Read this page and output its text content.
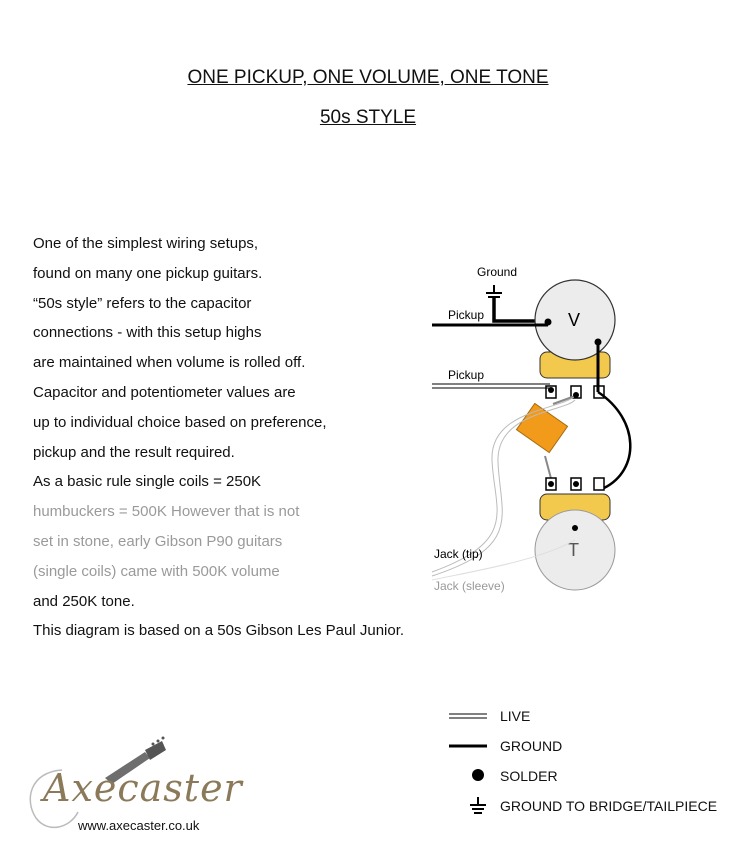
ONE PICKUP, ONE VOLUME, ONE TONE
50s STYLE
One of the simplest wiring setups,
found on many one pickup guitars.
“50s style” refers to the capacitor
connections - with this setup highs
are maintained when volume is rolled off.
Capacitor and potentiometer values are
up to individual choice based on preference,
pickup and the result required.
As a basic rule single coils = 250K
humbuckers = 500K However that is not
set in stone, early Gibson P90 guitars
(single coils) came with 500K volume
and 250K tone.
This diagram is based on a 50s Gibson Les Paul Junior.
Ground
V
Pickup
Pickup
T
Jack (tip)
Jack (sleeve)
LIVE
GROUND
SOLDER
GROUND TO BRIDGE/TAILPIECE
Axecaster
www.axecaster.co.uk
